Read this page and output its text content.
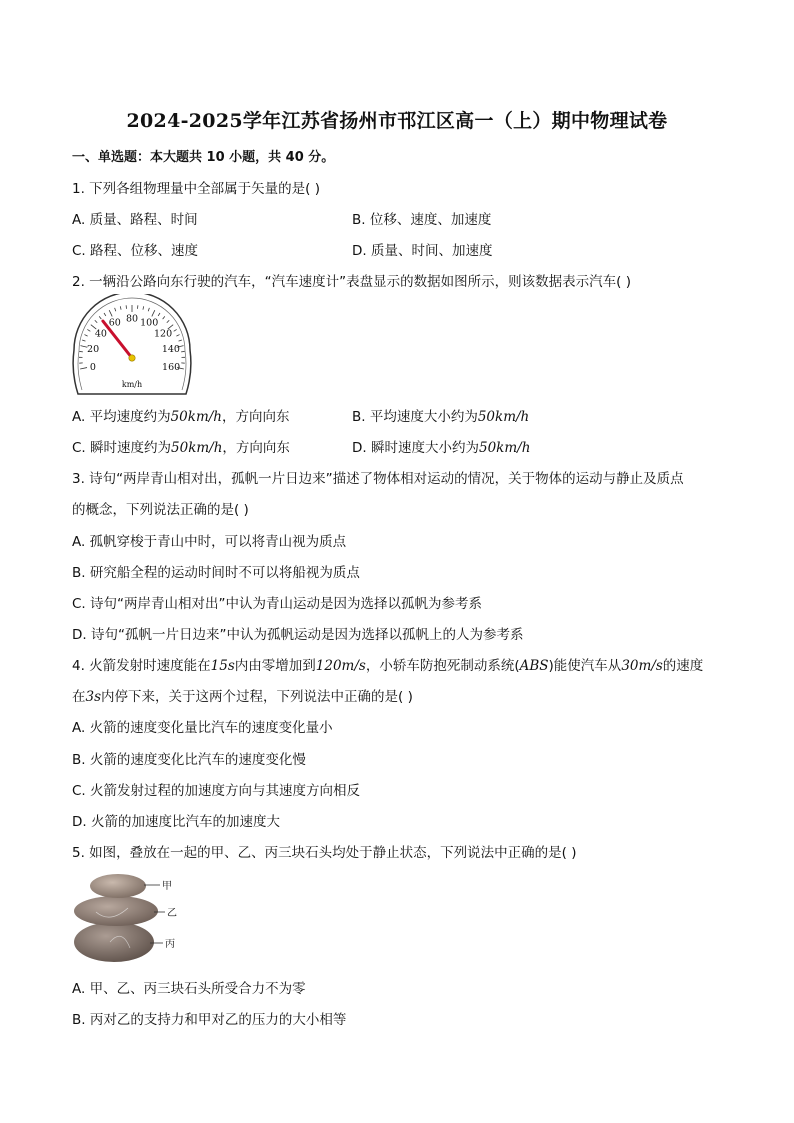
2024-2025学年江苏省扬州市邗江区高一（上）期中物理试卷
一、单选题：本大题共 10 小题，共 40 分。
1. 下列各组物理量中全部属于矢量的是( )
A. 质量、路程、时间	B. 位移、速度、加速度
C. 路程、位移、速度	D. 质量、时间、加速度
2. 一辆沿公路向东行驶的汽车，“汽车速度计”表盘显示的数据如图所示，则该数据表示汽车( )
0
20
40
60 80 100
120
140
160
km/h
A. 平均速度约为50km/h，方向向东	B. 平均速度大小约为50km/h
C. 瞬时速度约为50km/h，方向向东	D. 瞬时速度大小约为50km/h
3. 诗句“两岸青山相对出，孤帆一片日边来”描述了物体相对运动的情况，关于物体的运动与静止及质点
的概念，下列说法正确的是( )
A. 孤帆穿梭于青山中时，可以将青山视为质点
B. 研究船全程的运动时间时不可以将船视为质点
C. 诗句“两岸青山相对出”中认为青山运动是因为选择以孤帆为参考系
D. 诗句“孤帆一片日边来”中认为孤帆运动是因为选择以孤帆上的人为参考系
4. 火箭发射时速度能在15s内由零增加到120m/s，小轿车防抱死制动系统(ABS)能使汽车从30m/s的速度
在3s内停下来，关于这两个过程，下列说法中正确的是( )
A. 火箭的速度变化量比汽车的速度变化量小
B. 火箭的速度变化比汽车的速度变化慢
C. 火箭发射过程的加速度方向与其速度方向相反
D. 火箭的加速度比汽车的加速度大
5. 如图，叠放在一起的甲、乙、丙三块石头均处于静止状态，下列说法中正确的是( )
甲
乙
丙
A. 甲、乙、丙三块石头所受合力不为零
B. 丙对乙的支持力和甲对乙的压力的大小相等
